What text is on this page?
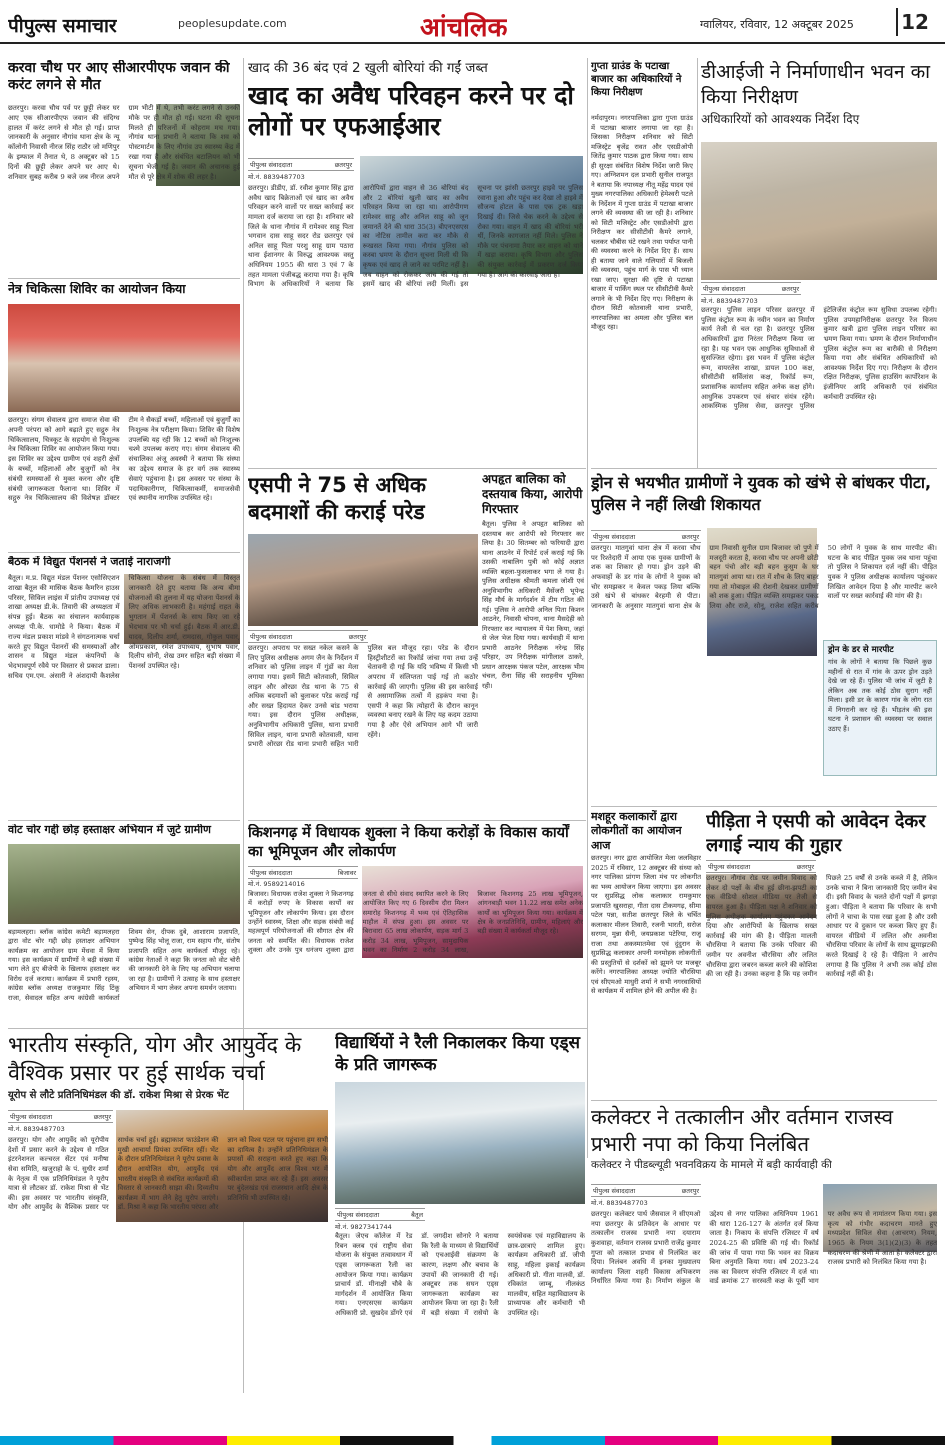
पीपुल्स समाचार	peoplesupdate.com	आंचलिक	ग्वालियर, रविवार, 12 अक्टूबर 2025 12
करवा चौथ पर आए सीआरपीएफ जवान की करंट लगने से मौत
छतरपुर। करवा चौथ पर्व पर छुट्टी लेकर घर आए एक सीआरपीएफ जवान की संदिग्ध हालत में करंट लगने से मौत हो गई। प्राप्त जानकारी के अनुसार नौगांव थाना क्षेत्र के न्यू कॉलोनी निवासी नीरज सिंह राठौर जो मणिपुर के इम्फाल में तैनात थे, 8 अक्टूबर को 15 दिनों की छुट्टी लेकर अपने घर आए थे। शनिवार सुबह करीब 9 बजे जब नीरज अपने ग्राम भीटी में थे, तभी करंट लगने से उनकी मौके पर ही मौत हो गई। घटना की सूचना मिलते ही परिजनों में कोहराम मच गया। नौगांव थाना प्रभारी ने बताया कि शव को पोस्टमार्टम के लिए नौगांव उप स्वास्थ्य केंद्र में रखा गया है और संबंधित बटालियन को भी सूचना भेजी गई है। जवान की अचानक हुई मौत से पूरे क्षेत्र में शोक की लहर है।
नेत्र चिकित्सा शिविर का आयोजन किया
छतरपुर। संगम सेवालय द्वारा समाज सेवा की अपनी परंपरा को आगे बढ़ाते हुए सद्गुरु नेत्र चिकित्सालय, चित्रकूट के सहयोग से निःशुल्क नेत्र चिकित्सा शिविर का आयोजन किया गया। इस शिविर का उद्देश्य ग्रामीण एवं शहरी क्षेत्रों के बच्चों, महिलाओं और बुजुर्गों को नेत्र संबंधी समस्याओं से मुक्त करना और दृष्टि संबंधी जागरूकता फैलाना था। शिविर में सद्गुरु नेत्र चिकित्सालय की विशेषज्ञ डॉक्टर टीम ने सैकड़ों बच्चों, महिलाओं एवं बुजुर्गों का निःशुल्क नेत्र परीक्षण किया। शिविर की विशेष उपलब्धि यह रही कि 12 बच्चों को निःशुल्क चश्मे उपलब्ध कराए गए। संगम सेवालय की संचालिका अंजू अवस्थी ने बताया कि संस्था का उद्देश्य समाज के हर वर्ग तक स्वास्थ्य सेवाएं पहुंचाना है। इस अवसर पर संस्था के पदाधिकारीगण, चिकित्साकर्मी, समाजसेवी एवं स्थानीय नागरिक उपस्थित रहे।
बैठक में विद्युत पेंशनर्स ने जताई नाराजगी
बैतूल। म.प्र. विद्युत मंडल पेंशनर एसोसिएशन शाखा बैतूल की मासिक बैठक कैमरिन हाउस परिसर, सिविल लाइंस में प्रांतीय उपाध्यक्ष एवं शाखा अध्यक्ष डी.के. तिवारी की अध्यक्षता में संपन्न हुई। बैठक का संचालन कार्यवाहक अध्यक्ष पी.के. धामोडे ने किया। बैठक में राज्य मंडल प्रकाश मांडवे ने संगठनात्मक चर्चा करते हुए विद्युत पेंशनरों की समस्याओं और शासन व विद्युत मंडल कंपनियों के भेदभावपूर्ण रवैये पर विस्तार से प्रकाश डाला। सचिव एम.एम. अंसारी ने अंशदायी कैशलेस चिकित्सा योजना के संबंध में विस्तृत जानकारी देते हुए बताया कि अन्य बीमा योजनाओं की तुलना में यह योजना पेंशनर्स के लिए अधिक लाभकारी है। महंगाई राहत के भुगतान में पेंशनर्स के साथ किए जा रहे भेदभाव पर भी चर्चा हुई। बैठक में आर.डी. यादव, दिलीप शर्मा, रामदास, गोकुल पवार, ओमप्रकाश, रमेश उपाध्याय, सुभाष पवार, दिलीप सोनी, शेख उमर सहित बड़ी संख्या में पेंशनर्स उपस्थित रहे।
वोट चोर गद्दी छोड़ हस्ताक्षर अभियान में जुटे ग्रामीण
बड़ामलहरा। ब्लॉक कांग्रेस कमेटी बड़ामलहरा द्वारा वोट चोर गद्दी छोड़ हस्ताक्षर अभियान कार्यक्रम का आयोजन ग्राम मेंधवा में किया गया। इस कार्यक्रम में ग्रामीणों ने बढ़ी संख्या में भाग लेते हुए बीजेपी के खिलाफ हस्ताक्षर कर विरोध दर्ज कराया। कार्यक्रम में प्रभारी रहस्य, कांग्रेस ब्लॉक अध्यक्ष राजकुमार सिंह टिंकू राजा, सेवादल सहित अन्य कांग्रेसी कार्यकर्ता शिवम सेन, दीपक दुबे, आशाराम प्रजापति, पुष्पेन्द्र सिंह भोलू राजा, राम सहाय गौर, संतोष प्रजापति सहित अन्य कार्यकर्ता मौजूद रहे। कांग्रेस नेताओं ने कहा कि जनता को वोट चोरी की जानकारी देने के लिए यह अभियान चलाया जा रहा है। ग्रामीणों ने उत्साह के साथ हस्ताक्षर अभियान में भाग लेकर अपना समर्थन जताया।
खाद की 36 बंद एवं 2 खुली बोरियां की गईं जब्त
खाद का अवैध परिवहन करने पर दो लोगों पर एफआईआर
पीपुल्स संवाददाता	छतरपुर
मो.नं. 8839487703
छतरपुर। डीडीए, डॉ. रवीश कुमार सिंह द्वारा अवैध खाद बिक्रेताओं एवं खाद का अवैध परिवहन करने वालों पर सख्त कार्रवाई कर मामला दर्ज कराया जा रहा है। शनिवार को जिले के थाना नौगांव में रामेश्वर साहू पिता भगवान दास साहू सदर रोड छतरपुर एवं अनिल साहू पिता परशु साहू ग्राम पठारा थाना ईशानगर के विरुद्ध आवश्यक वस्तु अधिनियम 1955 की धारा 3 एवं 7 के तहत मामला पंजीबद्ध कराया गया है। कृषि विभाग के अधिकारियों ने बताया कि आरोपियों द्वारा वाहन से 36 बोरियां बंद और 2 बोरियां खुली खाद का अवैध परिवहन किया जा रहा था। आरोपीगण रामेश्वर साहू और अनिल साहू को जून जमानतें देने की धारा 35(3) बीएनएसएस का नोटिस तामील करा कर मौके से रूखसत किया गया। नौगांव पुलिस को कस्बा भ्रमण के दौरान सूचना मिली थी कि कृषक एवं खाद ले जाने का परमिट नहीं है। जब वाहन को रोककर जांच की गई तो इसमें खाद की बोरियां लदी मिलीं। इस सूचना पर झांसी छतरपुर हाइवे पर पुलिस रवाना हुआ और पहुंच कर देखा तो हाइवे में सौजन्य होटल के पास एक ट्रक खड़ा दिखाई दी। जिसे चेक करने के उद्देश्य से रोका गया। वाहन में खाद की बोरियां भरी थीं, जिनके कागजात नहीं मिले। पुलिस ने मौके पर पंचनामा तैयार कर वाहन को थाने में खड़ा कराया। कृषि विभाग और पुलिस की संयुक्त कार्रवाई में प्रकरण दर्ज किया गया है। आगे की कार्रवाई जारी है।
एसपी ने 75 से अधिक बदमाशों की कराई परेड
पीपुल्स संवाददाता	छतरपुर
छतरपुर। अपराध पर सख्त नकेल कसने के लिए पुलिस अधीक्षक अगम जैन के निर्देशन में शनिवार को पुलिस लाइन में गुंडों का मेला लगाया गया। इसमें सिटी कोतवाली, सिविल लाइन और ओरछा रोड थाना के 75 से अधिक बदमाशों को बुलाकर परेड कराई गई और सख्त हिदायत देकर उनसे बांड भराया गया। इस दौरान पुलिस अधीक्षक, अनुविभागीय अधिकारी पुलिस, थाना प्रभारी सिविल लाइन, थाना प्रभारी कोतवाली, थाना प्रभारी ओरछा रोड थाना प्रभारी सहित भारी पुलिस बल मौजूद रहा। परेड के दौरान हिस्ट्रीशीटरों का रिकॉर्ड जांचा गया तथा उन्हें चेतावनी दी गई कि यदि भविष्य में किसी भी अपराध में संलिप्तता पाई गई तो कठोर कार्रवाई की जाएगी। पुलिस की इस कार्रवाई से असामाजिक तत्वों में हड़कंप मचा है। एसपी ने कहा कि त्योहारों के दौरान कानून व्यवस्था बनाए रखने के लिए यह कदम उठाया गया है और ऐसे अभियान आगे भी जारी रहेंगे।
अपहृत बालिका को दस्तयाब किया, आरोपी गिरफ्तार
बैतूल। पुलिस ने अपहृत बालिका को दस्तयाब कर आरोपी को गिरफ्तार कर लिया है। 30 सितम्बर को फरियादी द्वारा थाना आठनेर में रिपोर्ट दर्ज कराई गई कि उसकी नाबालिग पुत्री को कोई अज्ञात व्यक्ति बहला-फुसलाकर भगा ले गया है। पुलिस अधीक्षक श्रीमती कमला जोशी एवं अनुविभागीय अधिकारी मैसेंजरी भूपेन्द्र सिंह मौर्य के मार्गदर्शन में टीम गठित की गई। पुलिस ने आरोपी अनिल पिता किशन आठनेर, निवासी चोपना, थाना मैसदेही को गिरफ्तार कर न्यायालय में पेश किया, जहां से जेल भेज दिया गया। कार्यवाही में थाना प्रभारी आठनेर निरीक्षक नरेन्द्र सिंह परिहार, उप निरीक्षक मांगीलाल ठाकरे, प्रधान आरक्षक पंकज पटेल, आरक्षक भीम चंचल, रीना सिंह की सराहनीय भूमिका रही।
किशनगढ़ में विधायक शुक्ला ने किया करोड़ों के विकास कार्यों का भूमिपूजन और लोकार्पण
पीपुल्स संवाददाता	बिजावर
मो.नं. 9589214016
बिजावर। विधायक राजेश शुक्ला ने किशनगढ़ में करोड़ों रुपए के विकास कार्यों का भूमिपूजन और लोकार्पण किया। इस दौरान उन्होंने स्वास्थ्य, शिक्षा और सड़क संबंधी कई महत्वपूर्ण परियोजनाओं की सौगात क्षेत्र की जनता को समर्पित की। विधायक राजेश शुक्ला और उनके पुत्र धनंजय शुक्ला द्वारा जनता से सीधे संवाद स्थापित करने के लिए आयोजित किए गए 6 दिवसीय दौरा मिलन समारोह किशनगढ़ में भव्य एवं ऐतिहासिक माहौल में संपन्न हुआ। इस अवसर पर बिरावारा 65 लाख लोकार्पण, सड़क मार्ग 3 करोड़ 34 लाख, भूमिपूजन, सामुदायिक भवन का निर्माण 2 करोड़ 34 लाख, बिजावर किशनगढ़ 25 लाख भूमिपूजन, आंगनबाड़ी भवन 11.22 लाख समेत अनेक कार्यों का भूमिपूजन किया गया। कार्यक्रम में क्षेत्र के जनप्रतिनिधि, ग्रामीण, महिलाएं और बड़ी संख्या में कार्यकर्ता मौजूद रहे।
भारतीय संस्कृति, योग और आयुर्वेद के वैश्विक प्रसार पर हुई सार्थक चर्चा
यूरोप से लौटे प्रतिनिधिमंडल की डॉ. राकेश मिश्रा से प्रेरक भेंट
पीपुल्स संवाददाता	छतरपुर
मो.नं. 8839487703
छतरपुर। योग और आयुर्वेद को यूरोपीय देशों में प्रसार करने के उद्देश्य से गठित इंटरनेशनल कल्चरल सेंटर एवं मनीषा सेवा समिति, खजुराहो के पं. सुधीर शर्मा के नेतृत्व में एक प्रतिनिधिमंडल ने यूरोप यात्रा से लौटकर डॉ. राकेश मिश्रा से भेंट की। इस अवसर पर भारतीय संस्कृति, योग और आयुर्वेद के वैश्विक प्रसार पर सार्थक चर्चा हुई। ब्रह्माकाश फाउंडेशन की मुखी आचार्या प्रियंका उपस्थित रहीं। भेंट के दौरान प्रतिनिधिमंडल ने यूरोप प्रवास के दौरान आयोजित योग, आयुर्वेद एवं भारतीय संस्कृति से संबंधित कार्यक्रमों की विस्तार से जानकारी साझा की। दिव्यतीय कार्यक्रम में भाग लेने हेतु यूरोप जाएंगे। डॉ. मिश्रा ने कहा कि भारतीय परंपरा और ज्ञान को विश्व पटल पर पहुंचाना हम सभी का दायित्व है। उन्होंने प्रतिनिधिमंडल के प्रयासों की सराहना करते हुए कहा कि योग और आयुर्वेद आज विश्व भर में स्वीकार्यता प्राप्त कर रहे हैं। इस अवसर पर बुंदेलखंड एवं राजस्थान आदि क्षेत्र के प्रतिनिधि भी उपस्थित रहे।
विद्यार्थियों ने रैली निकालकर किया एड्स के प्रति जागरूक
पीपुल्स संवाददाता	बैतूल
मो.नं. 9827341744
बैतूल। जेएच कॉलेज में रेड रिबन क्लब एवं राष्ट्रीय सेवा योजना के संयुक्त तत्वावधान में एड्स जागरूकता रैली का आयोजन किया गया। कार्यक्रम प्राचार्य डॉ. मीनाक्षी चौबे के मार्गदर्शन में आयोजित किया गया। एनएसएस कार्यक्रम अधिकारी प्रो. सुखदेव डोंगरे एवं डॉ. जगदीश सोनारे ने बताया कि रैली के माध्यम से विद्यार्थियों को एचआईवी संक्रमण के कारण, लक्षण और बचाव के उपायों की जानकारी दी गई। अक्टूबर तक सघन एड्स जागरूकता कार्यक्रम का आयोजन किया जा रहा है। रैली में बड़ी संख्या में रासेयो के स्वयंसेवक एवं महाविद्यालय के छात्र-छात्राएं शामिल हुए। कार्यक्रम अधिकारी डॉ. जीपी साहू, महिला इकाई कार्यक्रम अधिकारी प्रो. गीता मालवी, डॉ. रविकांत जाम्बू, नीलकंठ मालवीय, सहित महाविद्यालय के प्राध्यापक और कर्मचारी भी उपस्थित रहे।
गुप्ता ग्राउंड के पटाखा बाजार का अधिकारियों ने किया निरीक्षण
नर्मदापुरम। नगरपालिका द्वारा गुप्ता ग्राउंड में पटाखा बाजार लगाया जा रहा है। जिसका निरीक्षण शनिवार को सिटी मजिस्ट्रेट बृजेंद्र रावत और एसडीओपी जितेंद्र कुमार पाठक द्वारा किया गया। साथ ही सुरक्षा संबंधित विशेष निर्देश जारी किए गए। अग्निशमन दल प्रभारी सुनील राजपूत ने बताया कि नपाध्यक्ष नीतू महेंद्र यादव एवं मुख्य नगरपालिका अधिकारी हेमेश्वरी पटले के निर्देशन में गुप्ता ग्राउंड में पटाखा बाजार लगने की व्यवस्था की जा रही है। शनिवार को सिटी मजिस्ट्रेट और एसडीओपी द्वारा निरीक्षण कर सीसीटीवी कैमरे लगाने, चलकर चौबीस घंटे रखने तथा पर्याप्त पानी की व्यवस्था करने के निर्देश दिए हैं। साथ ही बताया जाने वाले गलियारों में बिजली की व्यवस्था, पहुंच मार्ग के पास भी ध्यान रखा जाए। सुरक्षा की दृष्टि से पटाखा बाजार में पार्किंग स्थल पर सीसीटीवी कैमरे लगाने के भी निर्देश दिए गए। निरीक्षण के दौरान सिटी कोतवाली थाना प्रभारी, नगरपालिका का अमला और पुलिस बल मौजूद रहा।
डीआईजी ने निर्माणाधीन भवन का किया निरीक्षण
अधिकारियों को आवश्यक निर्देश दिए
पीपुल्स संवाददाता	छतरपुर
मो.नं. 8839487703
छतरपुर। पुलिस लाइन परिसर छतरपुर में पुलिस कंट्रोल रूम के नवीन भवन का निर्माण कार्य तेजी से चल रहा है। छतरपुर पुलिस अधिकारियों द्वारा निरंतर निरीक्षण किया जा रहा है। यह भवन एक आधुनिक सुविधाओं से सुसज्जित रहेगा। इस भवन में पुलिस कंट्रोल रूम, वायरलेस शाखा, डायल 100 कक्ष, सीसीटीवी सर्विलांस कक्ष, रिकॉर्ड रूम, प्रशासनिक कार्यालय सहित अनेक कक्ष होंगे। आधुनिक उपकरण एवं संचार संयंत्र रहेंगे। आकस्मिक पुलिस सेवा, छतरपुर पुलिस इंटेलिजेंस कंट्रोल रूम सुविधा उपलब्ध रहेगी। पुलिस उपमहानिरीक्षक छतरपुर रेंज विजय कुमार खत्री द्वारा पुलिस लाइन परिसर का भ्रमण किया गया। भ्रमण के दौरान निर्माणाधीन पुलिस कंट्रोल रूम का बारीकी से निरीक्षण किया गया और संबंधित अधिकारियों को आवश्यक निर्देश दिए गए। निरीक्षण के दौरान रक्षित निरीक्षक, पुलिस हाउसिंग कार्पोरेशन के इंजीनियर आदि अधिकारी एवं संबंधित कर्मचारी उपस्थित रहे।
ड्रोन से भयभीत ग्रामीणों ने युवक को खंभे से बांधकर पीटा, पुलिस ने नहीं लिखी शिकायत
पीपुल्स संवाददाता	छतरपुर
छतरपुर। मातगुवां थाना क्षेत्र में करवा चौथ पर रिश्तेदारी में आया एक युवक ग्रामीणों के शक का शिकार हो गया। ड्रोन उड़ने की अफवाहों के डर गांव के लोगों ने युवक को चोर समझकर न केवल पकड़ लिया बल्कि उसे खंभे से बांधकर बेरहमी से पीटा। जानकारी के अनुसार मातगुवां थाना क्षेत्र के ग्राम निवासी सुनील ग्राम बिजावर जो पुणे में मजदूरी करता है, करवा चौथ पर अपनी छोटी बहन पंचो ओर बड़ी बहन कुसुम के घर मातगुवां आया था। रात में शौच के लिए बाहर गया तो मोबाइल की रोशनी देखकर ग्रामीणों को शक हुआ। पीड़ित व्यक्ति समझकर पकड़ लिया और राजे, सोनू, राजेश सहित करीब 50 लोगों ने युवक के साथ मारपीट की। घटना के बाद पीड़ित युवक जब थाना पहुंचा तो पुलिस ने शिकायत दर्ज नहीं की। पीड़ित युवक ने पुलिस अधीक्षक कार्यालय पहुंचकर लिखित आवेदन दिया है और मारपीट करने वालों पर सख्त कार्रवाई की मांग की है।
ड्रोन के डर से मारपीट
गांव के लोगों ने बताया कि पिछले कुछ महीनों से रात में गांव के ऊपर ड्रोन उड़ते देखे जा रहे हैं। पुलिस भी जांच में जुटी है लेकिन अब तक कोई ठोस सुराग नहीं मिला। इसी डर के कारण गांव के लोग रात में निगरानी कर रहे हैं। भीड़तंत्र की इस घटना ने प्रशासन की व्यवस्था पर सवाल उठाए हैं।
मशहूर कलाकारों द्वारा लोकगीतों का आयोजन आज
छतरपुर। नगर द्वारा आयोजित मेला जलविहार 2025 में रविवार, 12 अक्टूबर की संध्या को नगर पालिका प्रांगण जिला मंच पर लोकगीत का भव्य आयोजन किया जाएगा। इस अवसर पर सुप्रसिद्ध लोक कलाकार रामकुमार प्रजापति खुसराहा, गीता दास टीकमगढ़, सीमा पटेल पन्ना, सतीश छतरपुर जिले के चर्चित कलाकार मीलन तिवारी, रजनी भारती, सरोज सरगम, मुन्ना सैनी, जयप्रकाश पटेरिया, राजू राजा तथा अकस्मातमेवा एवं दुंदुरान के सुप्रसिद्ध कलाकार अपनी मनमोहक लोकगीतों की प्रस्तुतियों से दर्शकों को झूमने पर मजबूर करेंगे। नगरपालिका अध्यक्ष ज्योति चौरसिया एवं सीएमओ माधुरी शर्मा ने सभी नगरवासियों से कार्यक्रम में शामिल होने की अपील की है।
पीड़िता ने एसपी को आवेदन देकर लगाई न्याय की गुहार
पीपुल्स संवाददाता	छतरपुर
छतरपुर। नौगांव रोड पर जमीन विवाद को लेकर दो पक्षों के बीच हुई छीना-झपटी का एक वीडियो सोशल मीडिया पर तेजी से वायरल हुआ है। पीड़िता पक्ष ने शनिवार को पुलिस अधीक्षक कार्यालय पहुंचकर आवेदन दिया और आरोपियों के खिलाफ सख्त कार्रवाई की मांग की है। पीड़िता मालती चौरसिया ने बताया कि उनके परिवार की जमीन पर अवनीश चौरसिया और ललित चौरसिया द्वारा जबरन कब्जा करने की कोशिश की जा रही है। उनका कहना है कि यह जमीन पिछले 25 वर्षों से उनके कब्जे में है, लेकिन उनके चाचा ने बिना जानकारी दिए जमीन बेच दी। इसी विवाद के चलते दोनों पक्षों में झगड़ा हुआ। पीड़िता ने बताया कि परिवार के सभी लोगों ने चाचा के पास रखा हुआ है और उसी आधार पर वे दुकान पर कब्जा किए हुए हैं। वायरल वीडियो में ललित और अवनीश चौरसिया परिवार के लोगों के साथ झूमाझटकी करते दिखाई दे रहे हैं। पीड़िता ने आरोप लगाया है कि पुलिस ने अभी तक कोई ठोस कार्रवाई नहीं की है।
कलेक्टर ने तत्कालीन और वर्तमान राजस्व प्रभारी नपा को किया निलंबित
कलेक्टर ने पीडब्ल्यूडी भवनविक्रय के मामले में बड़ी कार्यवाही की
पीपुल्स संवाददाता	छतरपुर
मो.नं. 8839487703
छतरपुर। कलेक्टर पार्थ जैसवाल ने सीएमओ नपा छतरपुर के प्रतिवेदन के आधार पर तत्कालीन राजस्व प्रभारी नपा दयाराम कुशवाहा, वर्तमान राजस्व प्रभारी राजेंद्र कुमार गुप्ता को तत्काल प्रभाव से निलंबित कर दिया। निलंबन अवधि में इनका मुख्यालय कार्यालय जिला शहरी विकास अभिकरण निर्धारित किया गया है। निर्माण संकुल के उद्देश्य से नगर पालिका अधिनियम 1961 की धारा 126-127 के अंतर्गत दर्ज किया जाता है। निकाय के संपत्ति रजिस्टर में वर्ष 2024-25 की प्रविष्टि की गई थी। रिकॉर्ड की जांच में पाया गया कि भवन का विक्रय बिना अनुमति किया गया। वर्ष 2023-24 तक का विवरण संपत्ति रजिस्टर में दर्ज था। वार्ड क्रमांक 27 सरस्वती कक्ष के पूर्वी भाग पर अवैध रूप से नामांतरण किया गया। इस कृत्य को गंभीर कदाचरण मानते हुए मध्यप्रदेश सिविल सेवा (आचरण) नियम, 1965 के नियम 3(1)(2)(3) के तहत कदाचरण की श्रेणी में आता है। कलेक्टर द्वारा राजस्व प्रभारी को निलंबित किया गया है।
